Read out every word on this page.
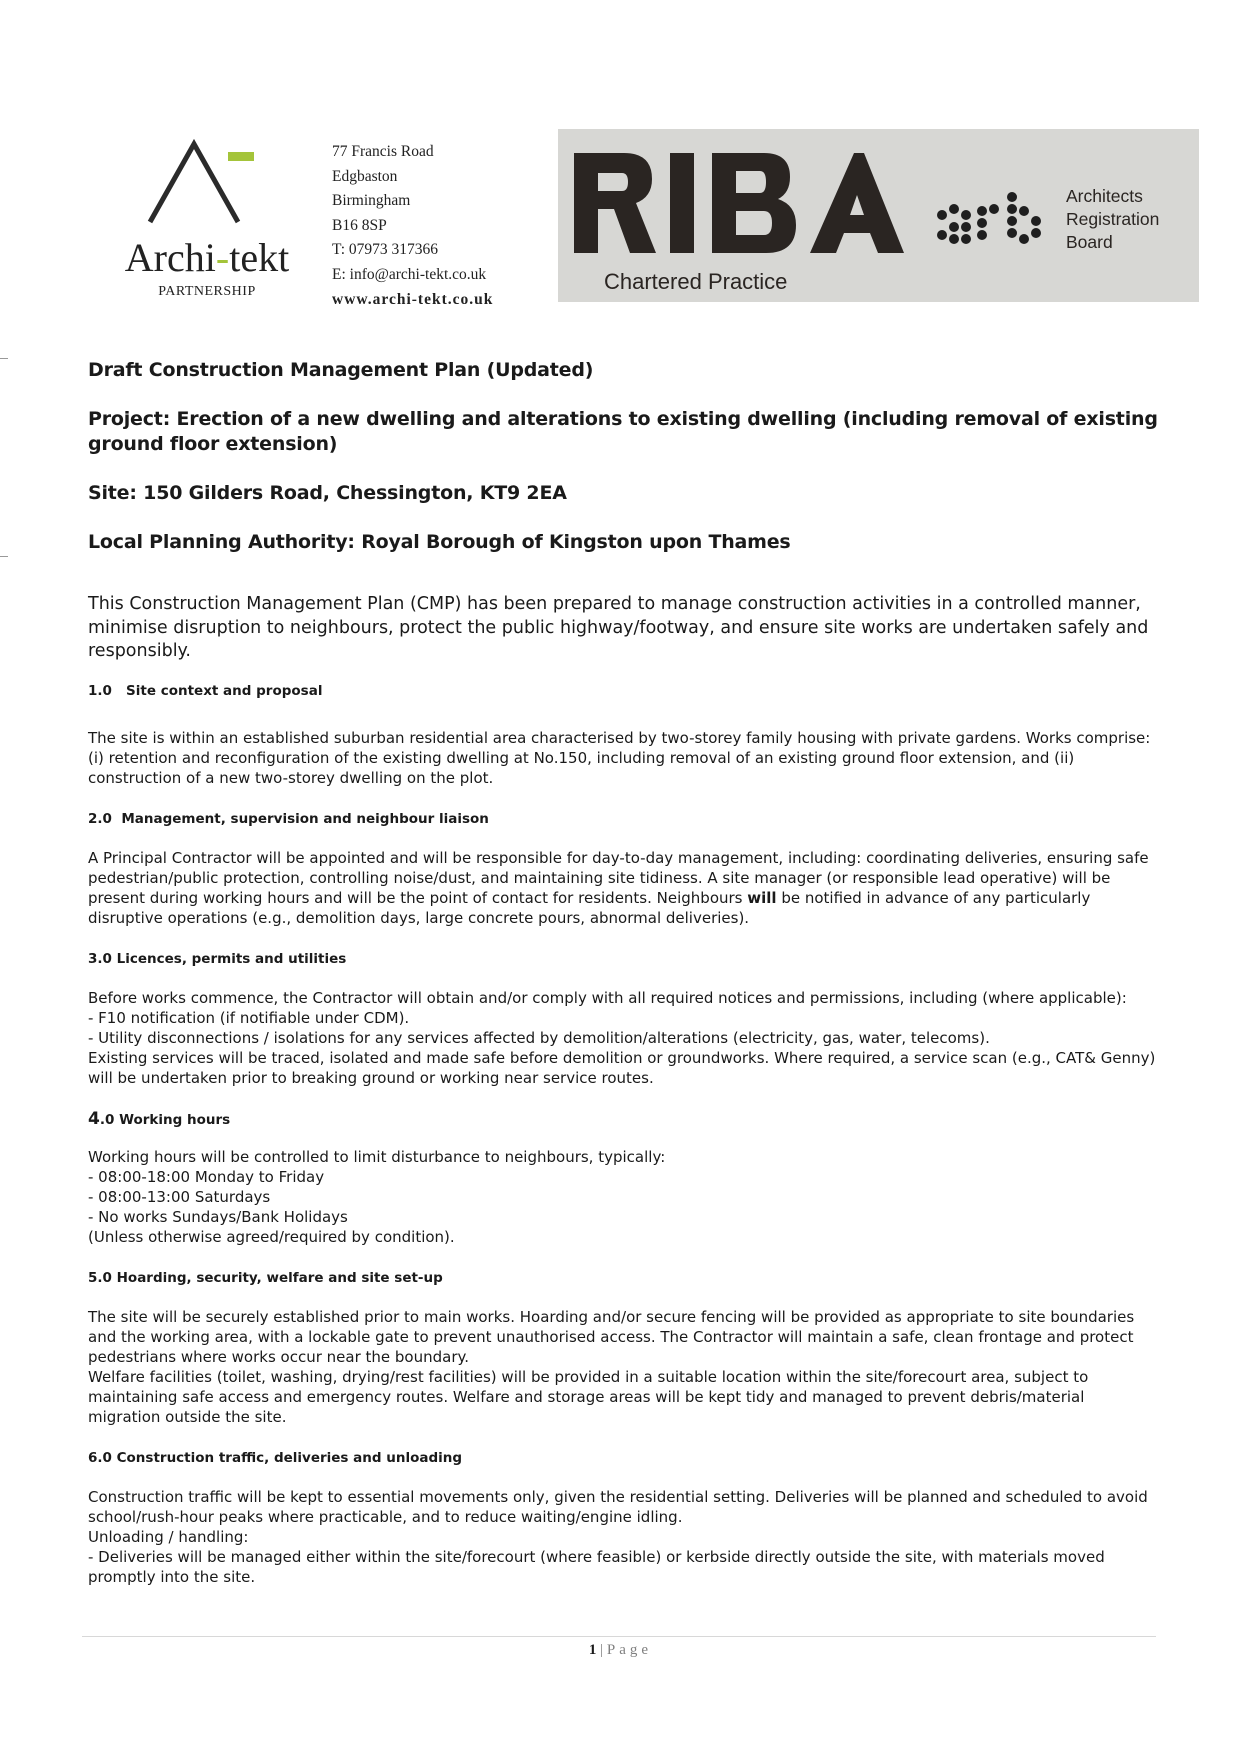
Archi-tekt
PARTNERSHIP
77 Francis Road
Edgbaston
Birmingham
B16 8SP
T: 07973 317366
E: info@archi-tekt.co.uk
www.archi-tekt.co.uk
Chartered Practice
Architects
Registration
Board
Draft Construction Management Plan (Updated)
Project: Erection of a new dwelling and alterations to existing dwelling (including removal of existing ground floor extension)
Site: 150 Gilders Road, Chessington, KT9 2EA
Local Planning Authority: Royal Borough of Kingston upon Thames

This Construction Management Plan (CMP) has been prepared to manage construction activities in a controlled manner, minimise disruption to neighbours, protect the public highway/footway, and ensure site works are undertaken safely and responsibly.

1.0 Site context and proposal

The site is within an established suburban residential area characterised by two-storey family housing with private gardens. Works comprise: (i) retention and reconfiguration of the existing dwelling at No.150, including removal of an existing ground floor extension, and (ii) construction of a new two-storey dwelling on the plot.

2.0 Management, supervision and neighbour liaison

A Principal Contractor will be appointed and will be responsible for day-to-day management, including: coordinating deliveries, ensuring safe pedestrian/public protection, controlling noise/dust, and maintaining site tidiness. A site manager (or responsible lead operative) will be present during working hours and will be the point of contact for residents. Neighbours will be notified in advance of any particularly disruptive operations (e.g., demolition days, large concrete pours, abnormal deliveries).

3.0 Licences, permits and utilities

Before works commence, the Contractor will obtain and/or comply with all required notices and permissions, including (where applicable):
- F10 notification (if notifiable under CDM).
- Utility disconnections / isolations for any services affected by demolition/alterations (electricity, gas, water, telecoms).
Existing services will be traced, isolated and made safe before demolition or groundworks. Where required, a service scan (e.g., CAT& Genny) will be undertaken prior to breaking ground or working near service routes.

4.0 Working hours

Working hours will be controlled to limit disturbance to neighbours, typically:
- 08:00-18:00 Monday to Friday
- 08:00-13:00 Saturdays
- No works Sundays/Bank Holidays
(Unless otherwise agreed/required by condition).

5.0 Hoarding, security, welfare and site set-up

The site will be securely established prior to main works. Hoarding and/or secure fencing will be provided as appropriate to site boundaries and the working area, with a lockable gate to prevent unauthorised access. The Contractor will maintain a safe, clean frontage and protect pedestrians where works occur near the boundary.
Welfare facilities (toilet, washing, drying/rest facilities) will be provided in a suitable location within the site/forecourt area, subject to maintaining safe access and emergency routes. Welfare and storage areas will be kept tidy and managed to prevent debris/material migration outside the site.

6.0 Construction traffic, deliveries and unloading

Construction traffic will be kept to essential movements only, given the residential setting. Deliveries will be planned and scheduled to avoid school/rush-hour peaks where practicable, and to reduce waiting/engine idling.
Unloading / handling:
- Deliveries will be managed either within the site/forecourt (where feasible) or kerbside directly outside the site, with materials moved promptly into the site.

1 | Page
